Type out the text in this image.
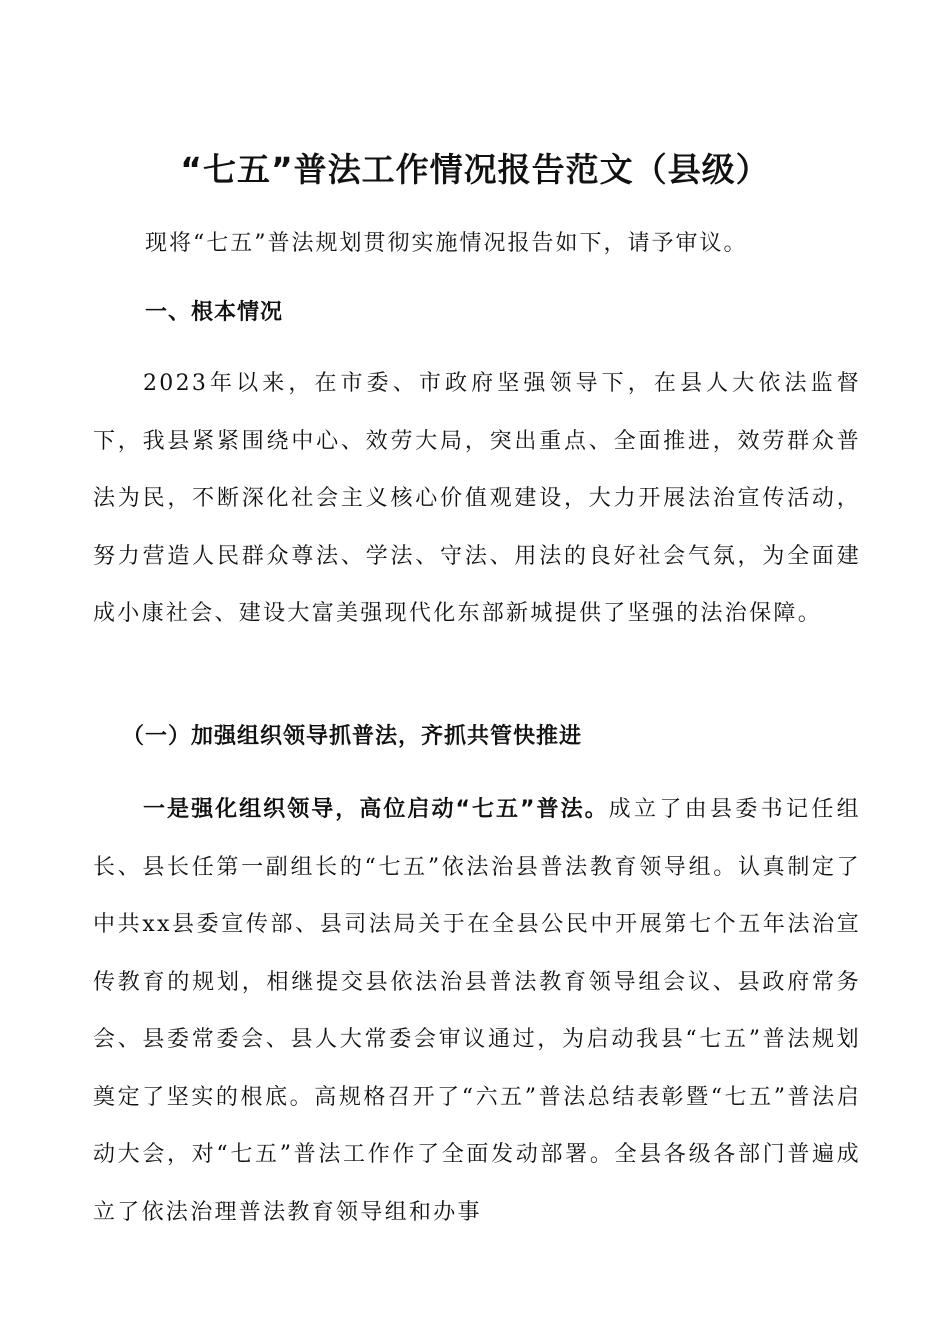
“七五”普法工作情况报告范文（县级）
现将“七五”普法规划贯彻实施情况报告如下，请予审议。
一、根本情况

2023年以来，在市委、市政府坚强领导下，在县人大依法监督下，我县紧紧围绕中心、效劳大局，突出重点、全面推进，效劳群众普法为民，不断深化社会主义核心价值观建设，大力开展法治宣传活动，努力营造人民群众尊法、学法、守法、用法的良好社会气氛，为全面建成小康社会、建设大富美强现代化东部新城提供了坚强的法治保障。

（一）加强组织领导抓普法，齐抓共管快推进

一是强化组织领导，高位启动“七五”普法。成立了由县委书记任组长、县长任第一副组长的“七五”依法治县普法教育领导组。认真制定了中共xx县委宣传部、县司法局关于在全县公民中开展第七个五年法治宣传教育的规划，相继提交县依法治县普法教育领导组会议、县政府常务会、县委常委会、县人大常委会审议通过，为启动我县“七五”普法规划奠定了坚实的根底。高规格召开了“六五”普法总结表彰暨“七五”普法启动大会，对“七五”普法工作作了全面发动部署。全县各级各部门普遍成立了依法治理普法教育领导组和办事
